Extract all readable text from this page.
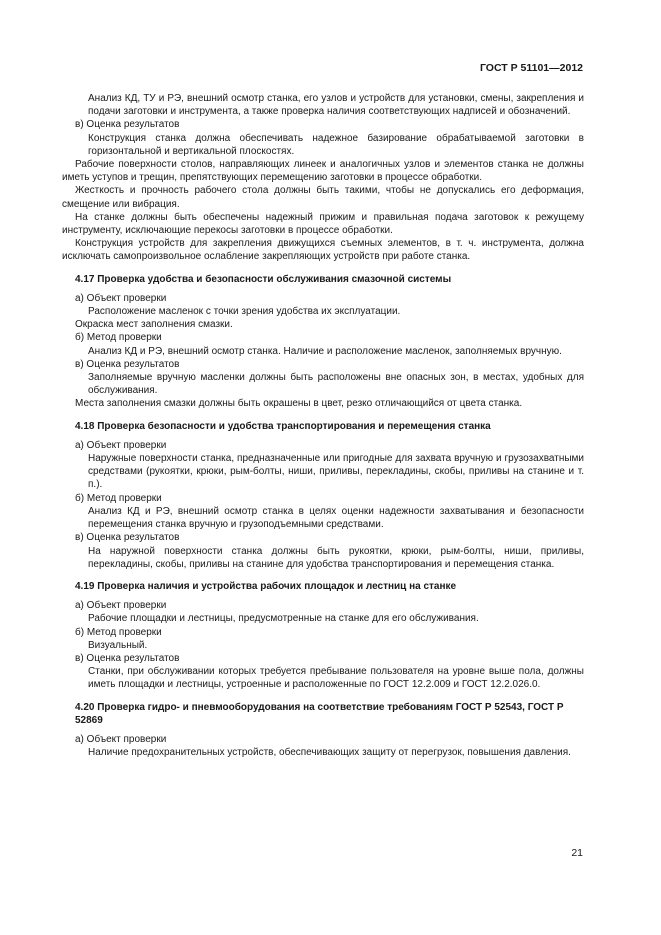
ГОСТ Р 51101—2012

Анализ КД, ТУ и РЭ, внешний осмотр станка, его узлов и устройств для установки, смены, закрепления и подачи заготовки и инструмента, а также проверка наличия соответствующих надписей и обозначений.

в) Оценка результатов

Конструкция станка должна обеспечивать надежное базирование обрабатываемой заготовки в горизонтальной и вертикальной плоскостях.

Рабочие поверхности столов, направляющих линеек и аналогичных узлов и элементов станка не должны иметь уступов и трещин, препятствующих перемещению заготовки в процессе обработки.

Жесткость и прочность рабочего стола должны быть такими, чтобы не допускались его деформация, смещение или вибрация.

На станке должны быть обеспечены надежный прижим и правильная подача заготовок к режущему инструменту, исключающие перекосы заготовки в процессе обработки.

Конструкция устройств для закрепления движущихся съемных элементов, в т. ч. инструмента, должна исключать самопроизвольное ослабление закрепляющих устройств при работе станка.

4.17 Проверка удобства и безопасности обслуживания смазочной системы

а) Объект проверки

Расположение масленок с точки зрения удобства их эксплуатации.

Окраска мест заполнения смазки.

б) Метод проверки

Анализ КД и РЭ, внешний осмотр станка. Наличие и расположение масленок, заполняемых вручную.

в) Оценка результатов

Заполняемые вручную масленки должны быть расположены вне опасных зон, в местах, удобных для обслуживания.

Места заполнения смазки должны быть окрашены в цвет, резко отличающийся от цвета станка.

4.18 Проверка безопасности и удобства транспортирования и перемещения станка

а) Объект проверки

Наружные поверхности станка, предназначенные или пригодные для захвата вручную и грузозахватными средствами (рукоятки, крюки, рым-болты, ниши, приливы, перекладины, скобы, приливы на станине и т. п.).

б) Метод проверки

Анализ КД и РЭ, внешний осмотр станка в целях оценки надежности захватывания и безопасности перемещения станка вручную и грузоподъемными средствами.

в) Оценка результатов

На наружной поверхности станка должны быть рукоятки, крюки, рым-болты, ниши, приливы, перекладины, скобы, приливы на станине для удобства транспортирования и перемещения станка.

4.19 Проверка наличия и устройства рабочих площадок и лестниц на станке

а) Объект проверки

Рабочие площадки и лестницы, предусмотренные на станке для его обслуживания.

б) Метод проверки

Визуальный.

в) Оценка результатов

Станки, при обслуживании которых требуется пребывание пользователя на уровне выше пола, должны иметь площадки и лестницы, устроенные и расположенные по ГОСТ 12.2.009 и ГОСТ 12.2.026.0.

4.20 Проверка гидро- и пневмооборудования на соответствие требованиям ГОСТ Р 52543, ГОСТ Р 52869

а) Объект проверки

Наличие предохранительных устройств, обеспечивающих защиту от перегрузок, повышения давления.

21
